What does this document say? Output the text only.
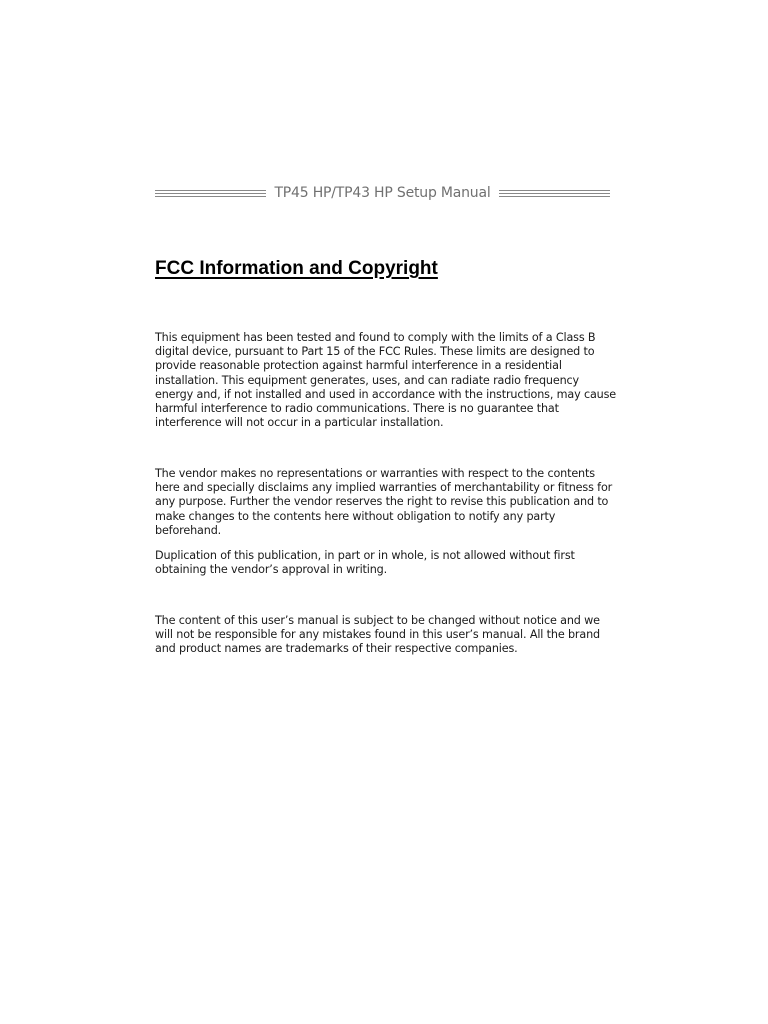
TP45 HP/TP43 HP Setup Manual
FCC Information and Copyright

This equipment has been tested and found to comply with the limits of a Class B digital device, pursuant to Part 15 of the FCC Rules. These limits are designed to provide reasonable protection against harmful interference in a residential installation. This equipment generates, uses, and can radiate radio frequency energy and, if not installed and used in accordance with the instructions, may cause harmful interference to radio communications. There is no guarantee that interference will not occur in a particular installation.

The vendor makes no representations or warranties with respect to the contents here and specially disclaims any implied warranties of merchantability or fitness for any purpose. Further the vendor reserves the right to revise this publication and to make changes to the contents here without obligation to notify any party beforehand.

Duplication of this publication, in part or in whole, is not allowed without first obtaining the vendor’s approval in writing.

The content of this user’s manual is subject to be changed without notice and we will not be responsible for any mistakes found in this user’s manual. All the brand and product names are trademarks of their respective companies.
